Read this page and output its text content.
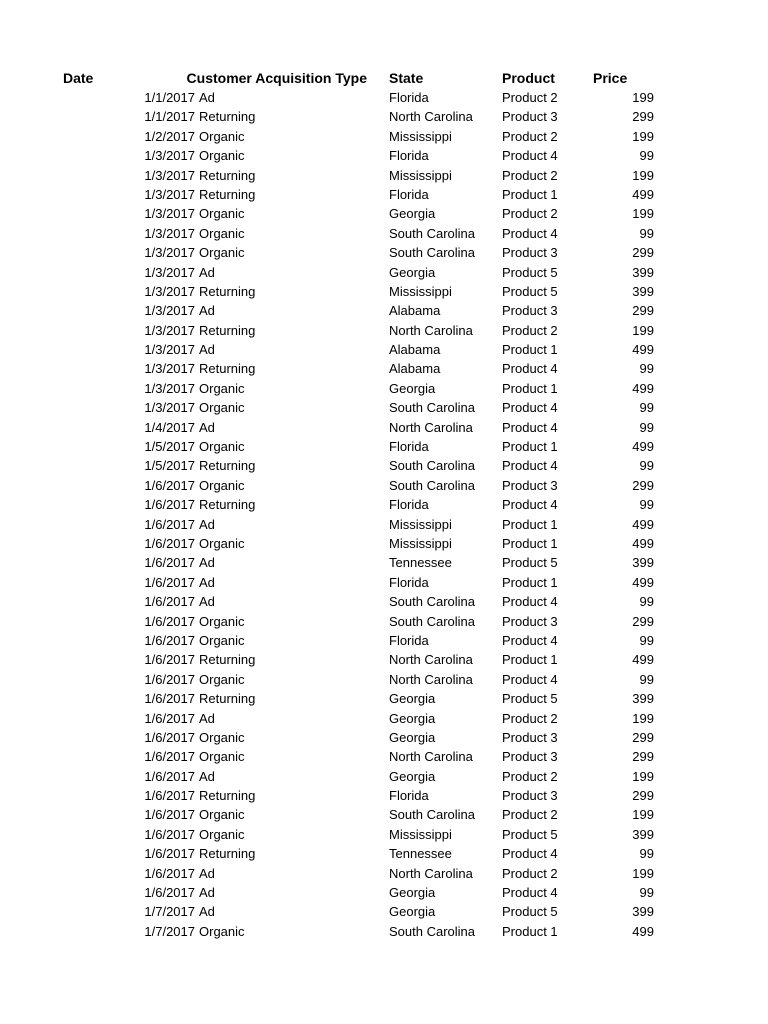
Date	Customer Acquisition Type State	Product	Price
1/1/2017 Ad	Florida	Product 2	199
1/1/2017 Returning	North Carolina Product 3	299
1/2/2017 Organic	Mississippi	Product 2	199
1/3/2017 Organic	Florida	Product 4	99
1/3/2017 Returning	Mississippi	Product 2	199
1/3/2017 Returning	Florida	Product 1	499
1/3/2017 Organic	Georgia	Product 2	199
1/3/2017 Organic	South Carolina Product 4	99
1/3/2017 Organic	South Carolina Product 3	299
1/3/2017 Ad	Georgia	Product 5	399
1/3/2017 Returning	Mississippi	Product 5	399
1/3/2017 Ad	Alabama	Product 3	299
1/3/2017 Returning	North Carolina Product 2	199
1/3/2017 Ad	Alabama	Product 1	499
1/3/2017 Returning	Alabama	Product 4	99
1/3/2017 Organic	Georgia	Product 1	499
1/3/2017 Organic	South Carolina Product 4	99
1/4/2017 Ad	North Carolina Product 4	99
1/5/2017 Organic	Florida	Product 1	499
1/5/2017 Returning	South Carolina Product 4	99
1/6/2017 Organic	South Carolina Product 3	299
1/6/2017 Returning	Florida	Product 4	99
1/6/2017 Ad	Mississippi	Product 1	499
1/6/2017 Organic	Mississippi	Product 1	499
1/6/2017 Ad	Tennessee	Product 5	399
1/6/2017 Ad	Florida	Product 1	499
1/6/2017 Ad	South Carolina Product 4	99
1/6/2017 Organic	South Carolina Product 3	299
1/6/2017 Organic	Florida	Product 4	99
1/6/2017 Returning	North Carolina Product 1	499
1/6/2017 Organic	North Carolina Product 4	99
1/6/2017 Returning	Georgia	Product 5	399
1/6/2017 Ad	Georgia	Product 2	199
1/6/2017 Organic	Georgia	Product 3	299
1/6/2017 Organic	North Carolina Product 3	299
1/6/2017 Ad	Georgia	Product 2	199
1/6/2017 Returning	Florida	Product 3	299
1/6/2017 Organic	South Carolina Product 2	199
1/6/2017 Organic	Mississippi	Product 5	399
1/6/2017 Returning	Tennessee	Product 4	99
1/6/2017 Ad	North Carolina Product 2	199
1/6/2017 Ad	Georgia	Product 4	99
1/7/2017 Ad	Georgia	Product 5	399
1/7/2017 Organic	South Carolina Product 1	499
